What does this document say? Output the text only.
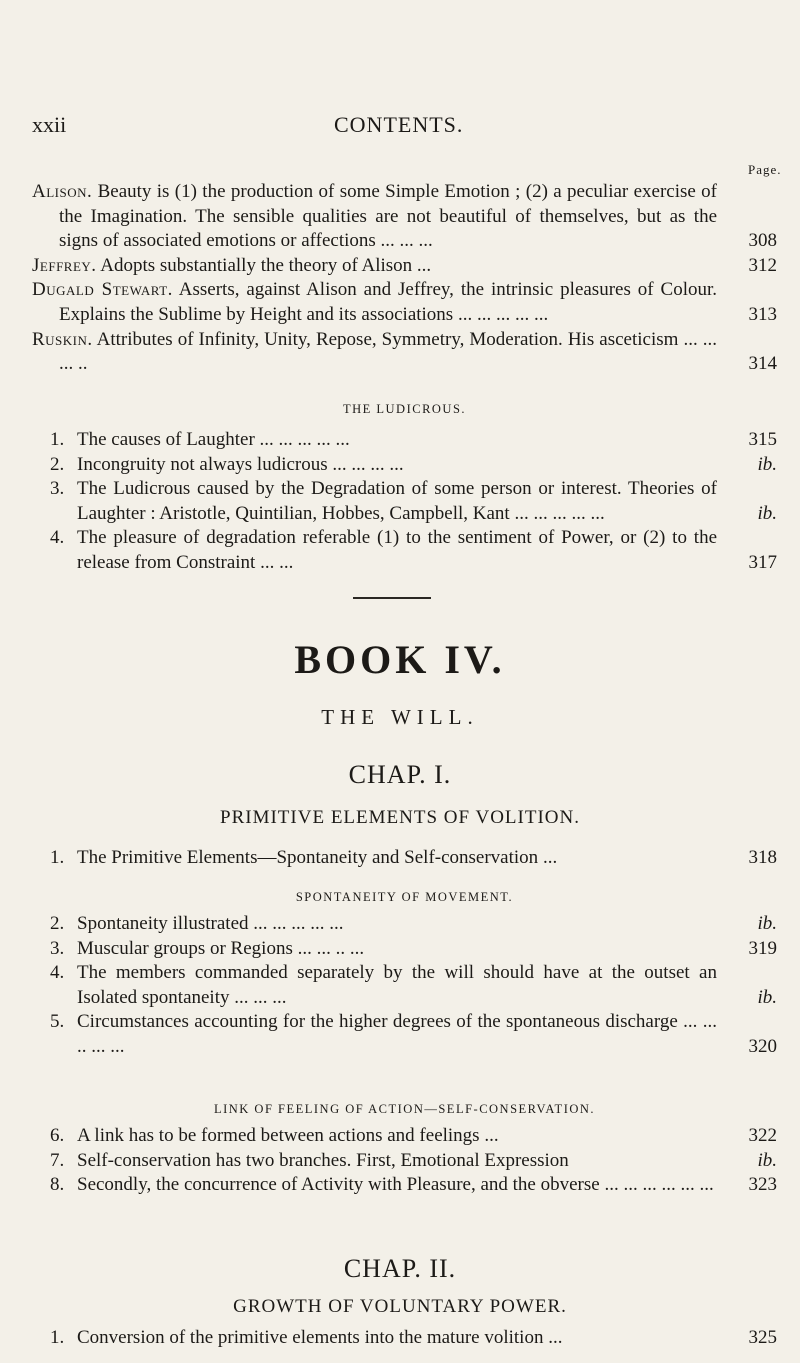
xxii	CONTENTS.
Page.
Alison. Beauty is (1) the production of some Simple Emotion ; (2) a peculiar exercise of the Imagination. The sensible qualities are not beautiful of themselves, but as the signs of associated emotions or affections ... ... ...	308
Jeffrey. Adopts substantially the theory of Alison ...	312
Dugald Stewart. Asserts, against Alison and Jeffrey, the intrinsic pleasures of Colour. Explains the Sublime by Height and its associations ... ... ... ... ...	313
Ruskin. Attributes of Infinity, Unity, Repose, Symmetry, Moderation. His asceticism ... ... ... ..	314
THE LUDICROUS.
1. The causes of Laughter ... ... ... ... ...	315
2. Incongruity not always ludicrous ... ... ... ...	ib.
3. The Ludicrous caused by the Degradation of some person or interest. Theories of Laughter : Aristotle, Quintilian, Hobbes, Campbell, Kant ... ... ... ... ...	ib.
4. The pleasure of degradation referable (1) to the sentiment of Power, or (2) to the release from Constraint ... ...	317
BOOK IV.
THE WILL.
CHAP. I.
PRIMITIVE ELEMENTS OF VOLITION.
1. The Primitive Elements—Spontaneity and Self-conservation ...	318
SPONTANEITY OF MOVEMENT.
2. Spontaneity illustrated ... ... ... ... ...	ib.
3. Muscular groups or Regions ... ... .. ...	319
4. The members commanded separately by the will should have at the outset an Isolated spontaneity ... ... ...	ib.
5. Circumstances accounting for the higher degrees of the spontaneous discharge ... ... .. ... ...	320
LINK OF FEELING OF ACTION—SELF-CONSERVATION.
6. A link has to be formed between actions and feelings ...	322
7. Self-conservation has two branches. First, Emotional Expression	ib.
8. Secondly, the concurrence of Activity with Pleasure, and the obverse ... ... ... ... ... ...	323
CHAP. II.
GROWTH OF VOLUNTARY POWER.
1. Conversion of the primitive elements into the mature volition ...	325
